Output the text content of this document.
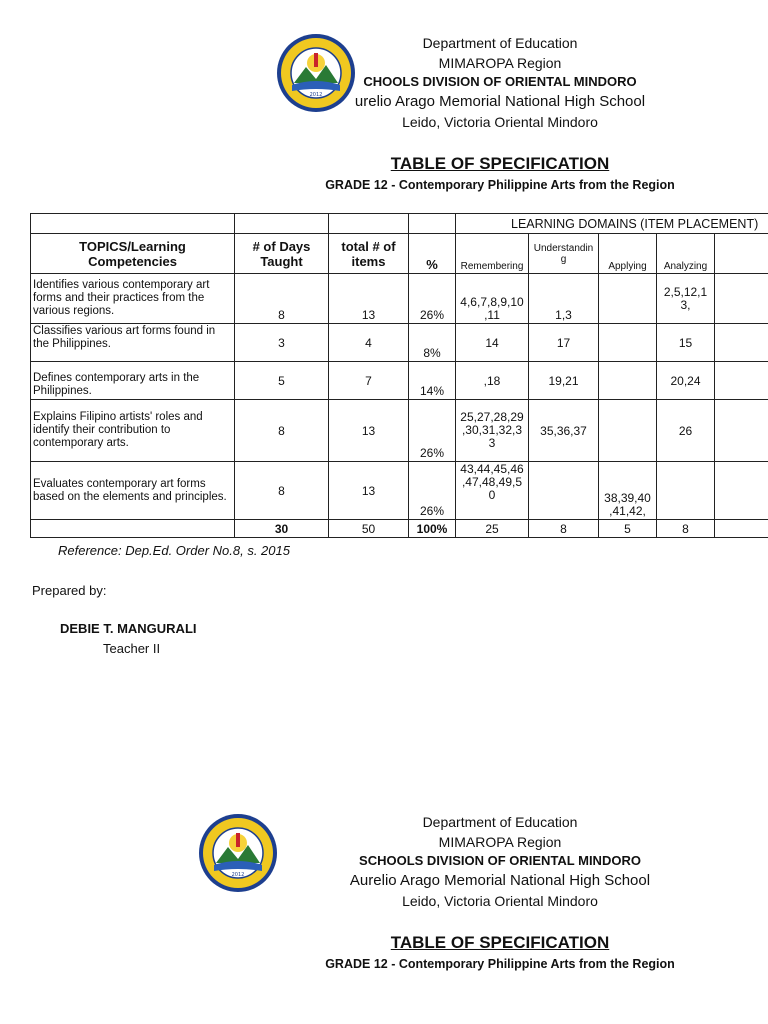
2012
Department of Education
MIMAROPA Region
CHOOLS DIVISION OF ORIENTAL MINDORO
urelio Arago Memorial National High School
Leido, Victoria Oriental Mindoro
TABLE OF SPECIFICATION
GRADE 12 - Contemporary Philippine Arts from the Region
				LEARNING DOMAINS (ITEM PLACEMENT)				
TOPICS/Learning Competencies	# of Days Taught	total # of items	%	Remembering	Understandin g	Applying	Analyzing	
Identifies various contemporary art forms and their practices from the various regions.	8	13	26%	4,6,7,8,9,10 ,11	1,3		2,5,12,1 3,	
Classifies various art forms found in the Philippines.	3	4	8%	14	17		15	
Defines contemporary arts in the Philippines.	5	7	14%	,18	19,21		20,24	
Explains Filipino artists' roles and identify their contribution to contemporary arts.	8	13	26%	25,27,28,29 ,30,31,32,3 3	35,36,37		26	
Evaluates contemporary art forms based on the elements and principles.	8	13	26%	43,44,45,46 ,47,48,49,5 0		38,39,40 ,41,42,		
	30	50	100%	25	8	5	8	
Reference: Dep.Ed. Order No.8, s. 2015
Prepared by:
DEBIE T. MANGURALI
Teacher II
2012
Department of Education
MIMAROPA Region
SCHOOLS DIVISION OF ORIENTAL MINDORO
Aurelio Arago Memorial National High School
Leido, Victoria Oriental Mindoro
TABLE OF SPECIFICATION
GRADE 12 - Contemporary Philippine Arts from the Region
